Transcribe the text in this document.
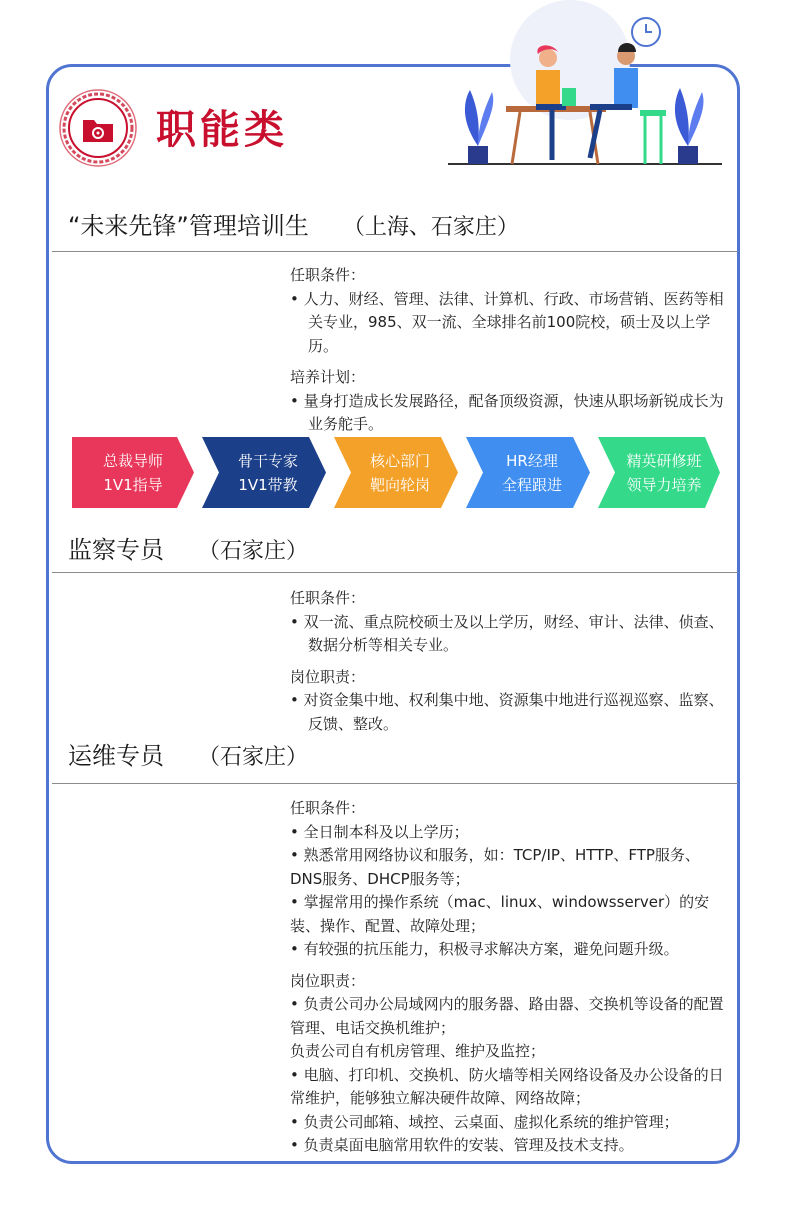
职能类
“未来先锋”管理培训生 （上海、石家庄）

任职条件：

• 人力、财经、管理、法律、计算机、行政、市场营销、医药等相关专业，985、双一流、全球排名前100院校，硕士及以上学历。

培养计划：

• 量身打造成长发展路径，配备顶级资源，快速从职场新锐成长为业务舵手。

总裁导师
1V1指导
骨干专家
1V1带教
核心部门
靶向轮岗
HR经理
全程跟进
精英研修班
领导力培养
监察专员 （石家庄）

任职条件：

• 双一流、重点院校硕士及以上学历，财经、审计、法律、侦查、数据分析等相关专业。

岗位职责：

• 对资金集中地、权利集中地、资源集中地进行巡视巡察、监察、反馈、整改。

运维专员 （石家庄）

任职条件：

• 全日制本科及以上学历；

• 熟悉常用网络协议和服务，如：TCP/IP、HTTP、FTP服务、DNS服务、DHCP服务等；

• 掌握常用的操作系统（mac、linux、windowsserver）的安装、操作、配置、故障处理；

• 有较强的抗压能力，积极寻求解决方案，避免问题升级。

岗位职责：

• 负责公司办公局域网内的服务器、路由器、交换机等设备的配置管理、电话交换机维护；

负责公司自有机房管理、维护及监控；

• 电脑、打印机、交换机、防火墙等相关网络设备及办公设备的日常维护，能够独立解决硬件故障、网络故障；

• 负责公司邮箱、域控、云桌面、虚拟化系统的维护管理；

• 负责桌面电脑常用软件的安装、管理及技术支持。
